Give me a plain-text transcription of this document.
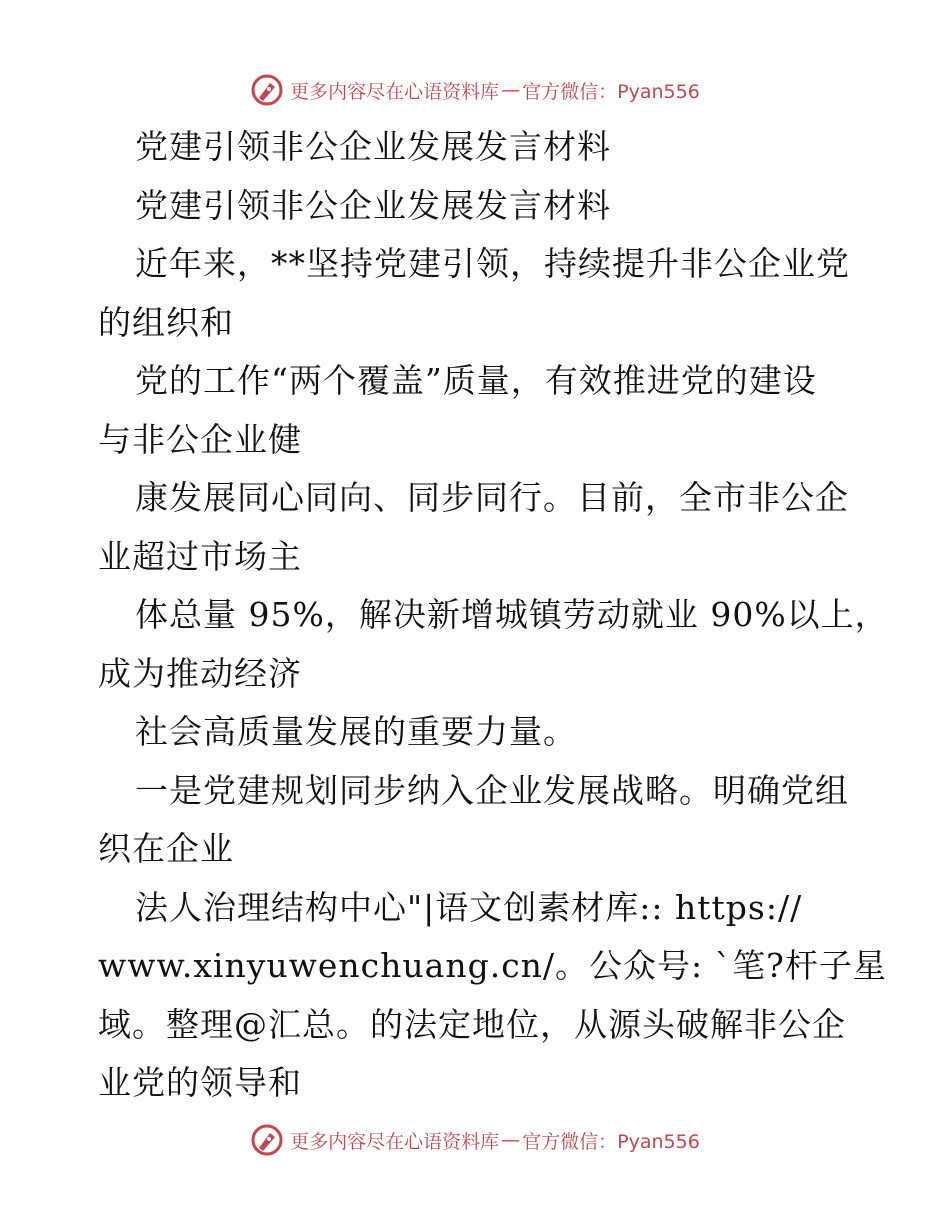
更多内容尽在心语资料库 — 官方微信：Pyan556
党建引领非公企业发展发言材料
党建引领非公企业发展发言材料
近年来，**坚持党建引领，持续提升非公企业党
的组织和
党的工作“两个覆盖”质量，有效推进党的建设
与非公企业健
康发展同心同向、同步同行。目前，全市非公企
业超过市场主
体总量 95%，解决新增城镇劳动就业 90%以上，
成为推动经济
社会高质量发展的重要力量。
一是党建规划同步纳入企业发展战略。明确党组
织在企业
法人治理结构中心"|语文创素材库:: https://
www.xinyuwenchuang.cn/。公众号: `笔?杆子星
域。整理@汇总。的法定地位，从源头破解非公企
业党的领导和
更多内容尽在心语资料库 — 官方微信：Pyan556
